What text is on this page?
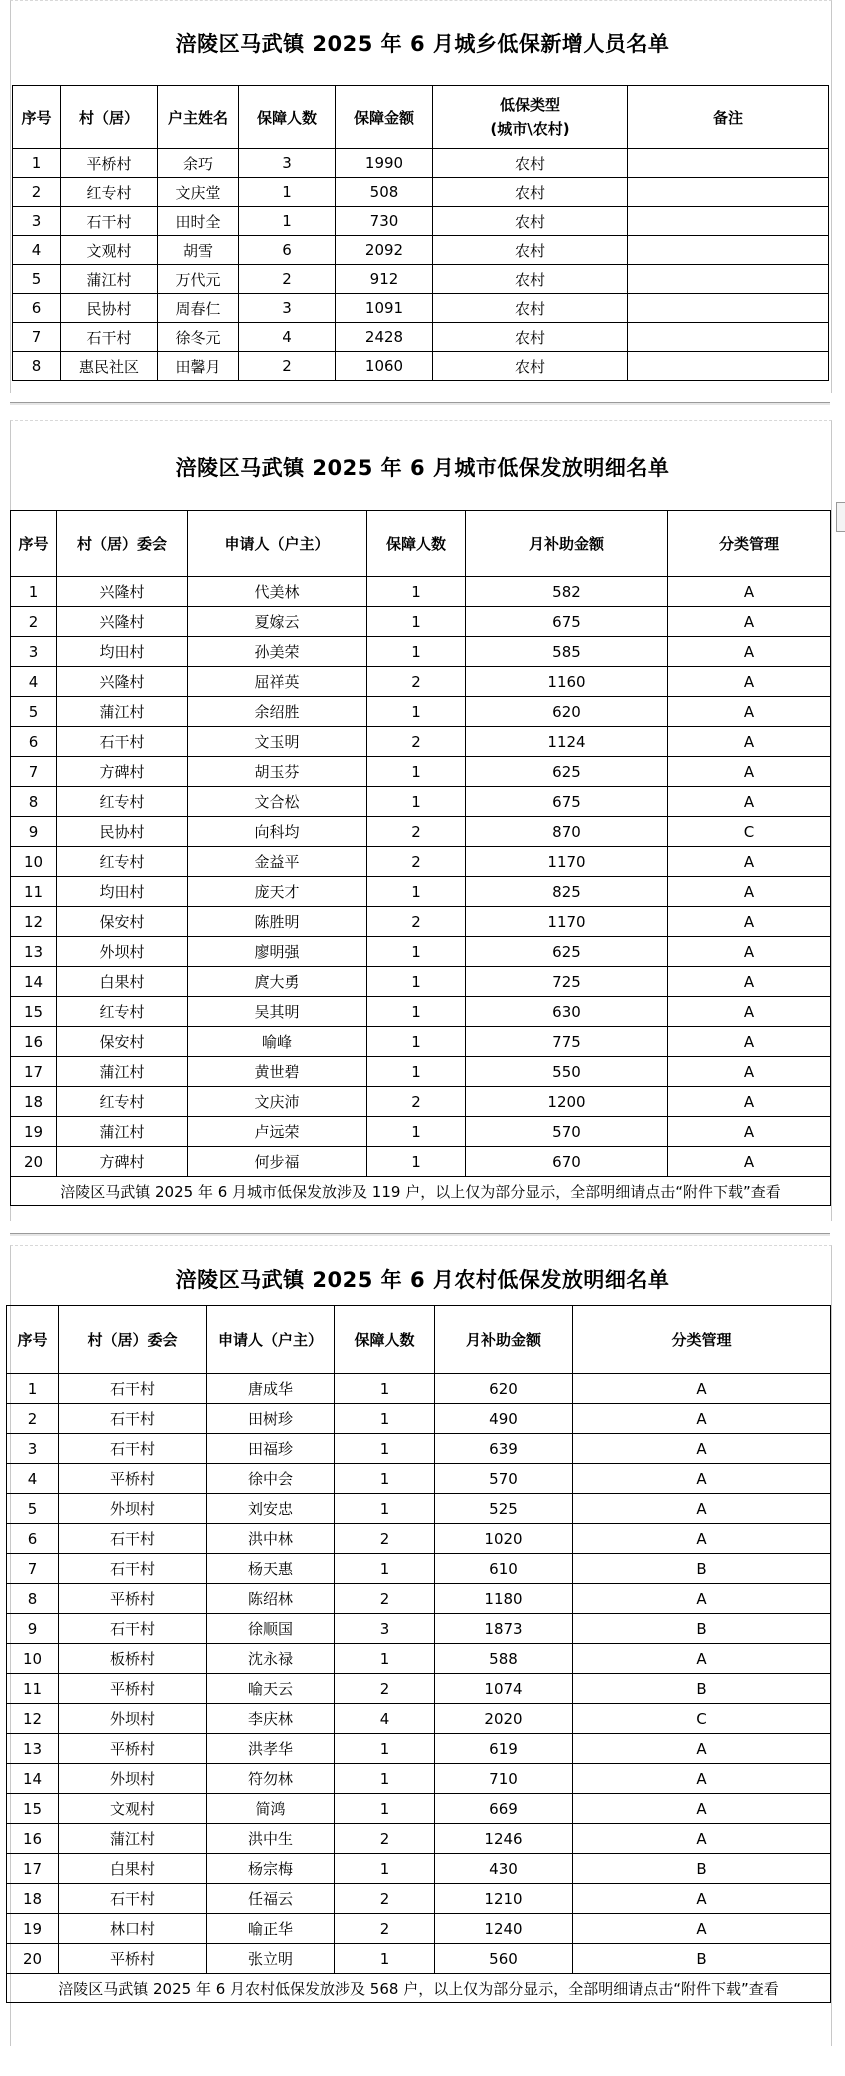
涪陵区马武镇 2025 年 6 月城乡低保新增人员名单
序号	村（居）	户主姓名	保障人数	保障金额	低保类型
(城市\农村)	备注
1	平桥村	余巧	3	1990	农村	
2	红专村	文庆堂	1	508	农村	
3	石干村	田时全	1	730	农村	
4	文观村	胡雪	6	2092	农村	
5	蒲江村	万代元	2	912	农村	
6	民协村	周春仁	3	1091	农村	
7	石干村	徐冬元	4	2428	农村	
8	惠民社区	田馨月	2	1060	农村	
涪陵区马武镇 2025 年 6 月城市低保发放明细名单
序号	村（居）委会	申请人（户主）	保障人数	月补助金额	分类管理
1	兴隆村	代美林	1	582	A
2	兴隆村	夏嫁云	1	675	A
3	均田村	孙美荣	1	585	A
4	兴隆村	屈祥英	2	1160	A
5	蒲江村	余绍胜	1	620	A
6	石干村	文玉明	2	1124	A
7	方碑村	胡玉芬	1	625	A
8	红专村	文合松	1	675	A
9	民协村	向科均	2	870	C
10	红专村	金益平	2	1170	A
11	均田村	庞天才	1	825	A
12	保安村	陈胜明	2	1170	A
13	外坝村	廖明强	1	625	A
14	白果村	庹大勇	1	725	A
15	红专村	吴其明	1	630	A
16	保安村	喻峰	1	775	A
17	蒲江村	黄世碧	1	550	A
18	红专村	文庆沛	2	1200	A
19	蒲江村	卢远荣	1	570	A
20	方碑村	何步福	1	670	A
涪陵区马武镇 2025 年 6 月城市低保发放涉及 119 户，以上仅为部分显示，全部明细请点击“附件下载”查看					
涪陵区马武镇 2025 年 6 月农村低保发放明细名单
序号	村（居）委会	申请人（户主）	保障人数	月补助金额	分类管理
1	石干村	唐成华	1	620	A
2	石干村	田树珍	1	490	A
3	石干村	田福珍	1	639	A
4	平桥村	徐中会	1	570	A
5	外坝村	刘安忠	1	525	A
6	石干村	洪中林	2	1020	A
7	石干村	杨天惠	1	610	B
8	平桥村	陈绍林	2	1180	A
9	石干村	徐顺国	3	1873	B
10	板桥村	沈永禄	1	588	A
11	平桥村	喻天云	2	1074	B
12	外坝村	李庆林	4	2020	C
13	平桥村	洪孝华	1	619	A
14	外坝村	符勿林	1	710	A
15	文观村	简鸿	1	669	A
16	蒲江村	洪中生	2	1246	A
17	白果村	杨宗梅	1	430	B
18	石干村	任福云	2	1210	A
19	林口村	喻正华	2	1240	A
20	平桥村	张立明	1	560	B
涪陵区马武镇 2025 年 6 月农村低保发放涉及 568 户，以上仅为部分显示，全部明细请点击“附件下载”查看					
